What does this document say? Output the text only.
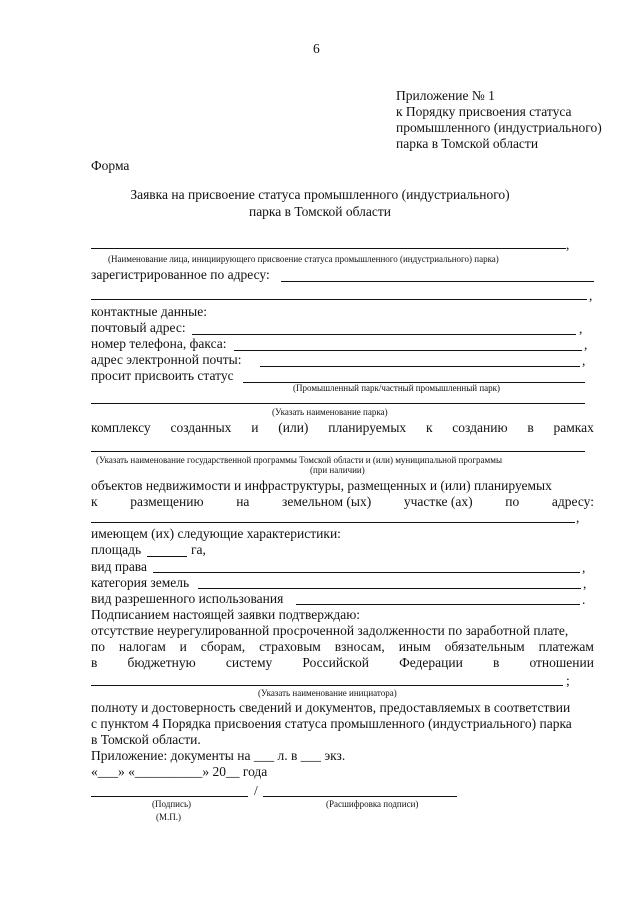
6
Приложение № 1
к Порядку присвоения статуса
промышленного (индустриального)
парка в Томской области
Форма
Заявка на присвоение статуса промышленного (индустриального)
парка в Томской области
,
(Наименование лица, инициирующего присвоение статуса промышленного (индустриального) парка)
зарегистрированное по адресу:
,
контактные данные:
почтовый адрес:	,
номер телефона, факса:	,
адрес электронной почты:	,
просит присвоить статус
(Промышленный парк/частный промышленный парк)
(Указать наименование парка)
комплексу созданных и (или) планируемых к созданию в рамках
(Указать наименование государственной программы Томской области и (или) муниципальной программы
(при наличии)
объектов недвижимости и инфраструктуры, размещенных и (или) планируемых
к размещению на земельном (ых) участке (ах) по адресу:
,
имеющем (их) следующие характеристики:
площадь	га,
вид права	,
категория земель	,
вид разрешенного использования	.
Подписанием настоящей заявки подтверждаю:
отсутствие неурегулированной просроченной задолженности по заработной плате,
по налогам и сборам, страховым взносам, иным обязательным платежам
в бюджетную систему Российской Федерации в отношении
;
(Указать наименование инициатора)
полноту и достоверность сведений и документов, предоставляемых в соответствии
с пунктом 4 Порядка присвоения статуса промышленного (индустриального) парка
в Томской области.
Приложение: документы на ___ л. в ___ экз.
«___» «__________» 20__ года
/
(Подпись)
(М.П.)
(Расшифровка подписи)
